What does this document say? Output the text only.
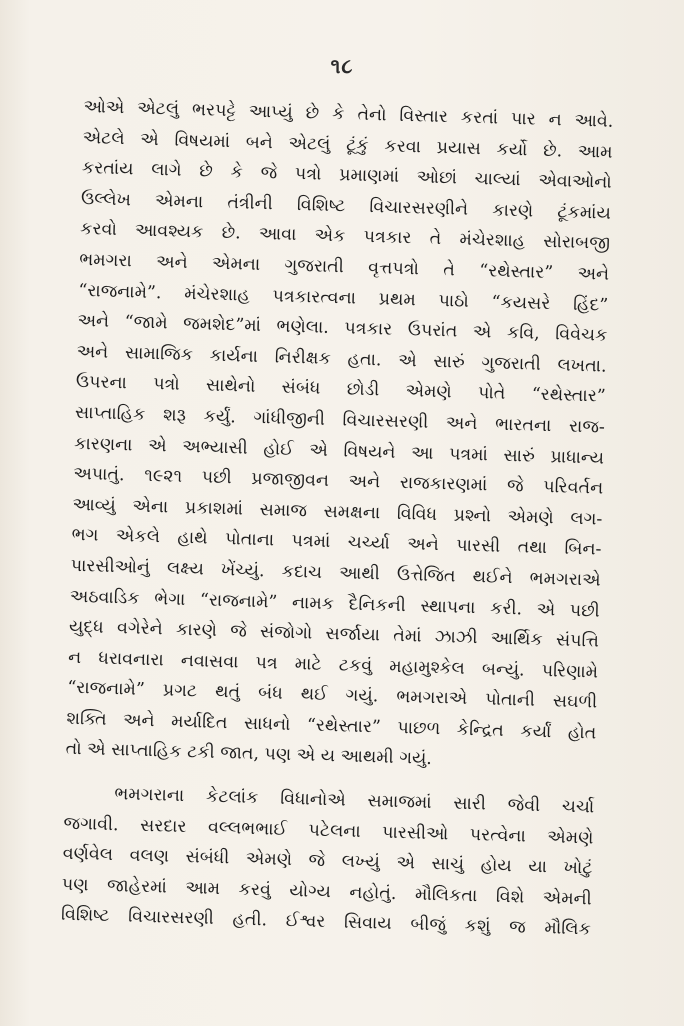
૧૮
ઓએ એટલું ભરપટ્ટે આપ્યું છે કે તેનો વિસ્તાર કરતાં પાર ન આવે.
એટલે એ વિષયમાં બને એટલું ટૂંકું કરવા પ્રયાસ કર્યો છે. આમ
કરતાંય લાગે છે કે જે પત્રો પ્રમાણમાં ઓછાં ચાલ્યાં એવાઓનો
ઉલ્લેખ એમના તંત્રીની વિશિષ્ટ વિચારસરણીને કારણે ટૂંકમાંય
કરવો આવશ્યક છે. આવા એક પત્રકાર તે મંચેરશાહ સોરાબજી
ભમગરા અને એમના ગુજરાતી વૃત્તપત્રો તે “રથેસ્તાર” અને
“રાજનામે”. મંચેરશાહ પત્રકારત્વના પ્રથમ પાઠો “કયસરે હિંદ”
અને “જામે જમશેદ”માં ભણેલા. પત્રકાર ઉપરાંત એ કવિ, વિવેચક
અને સામાજિક કાર્યના નિરીક્ષક હતા. એ સારું ગુજરાતી લખતા.
ઉપરના પત્રો સાથેનો સંબંધ છોડી એમણે પોતે “રથેસ્તાર”
સાપ્તાહિક શરૂ કર્યું. ગાંધીજીની વિચારસરણી અને ભારતના રાજ-
કારણના એ અભ્યાસી હોઈ એ વિષયને આ પત્રમાં સારું પ્રાધાન્ય
અપાતું. ૧૯૨૧ પછી પ્રજાજીવન અને રાજકારણમાં જે પરિવર્તન
આવ્યું એના પ્રકાશમાં સમાજ સમક્ષના વિવિધ પ્રશ્નો એમણે લગ-
ભગ એકલે હાથે પોતાના પત્રમાં ચર્ચ્યા અને પારસી તથા બિન-
પારસીઓનું લક્ષ્ય ખેંચ્યું. કદાચ આથી ઉત્તેજિત થઈને ભમગરાએ
અઠવાડિક ભેગા “રાજનામે” નામક દૈનિકની સ્થાપના કરી. એ પછી
યુદ્ધ વગેરેને કારણે જે સંજોગો સર્જાયા તેમાં ઝાઝી આર્થિક સંપત્તિ
ન ધરાવનારા નવાસવા પત્ર માટે ટકવું મહામુશ્કેલ બન્યું. પરિણામે
“રાજનામે” પ્રગટ થતું બંધ થઈ ગયું. ભમગરાએ પોતાની સઘળી
શક્તિ અને મર્યાદિત સાધનો “રથેસ્તાર” પાછળ કેન્દ્રિત કર્યાં હોત
તો એ સાપ્તાહિક ટકી જાત, પણ એ ય આથમી ગયું.
ભમગરાના કેટલાંક વિધાનોએ સમાજમાં સારી જેવી ચર્ચા
જગાવી. સરદાર વલ્લભભાઈ પટેલના પારસીઓ પરત્વેના એમણે
વર્ણવેલ વલણ સંબંધી એમણે જે લખ્યું એ સાચું હોય યા ખોટું
પણ જાહેરમાં આમ કરવું યોગ્ય નહોતું. મૌલિકતા વિશે એમની
વિશિષ્ટ વિચારસરણી હતી. ઈશ્વર સિવાય બીજું કશું જ મૌલિક
